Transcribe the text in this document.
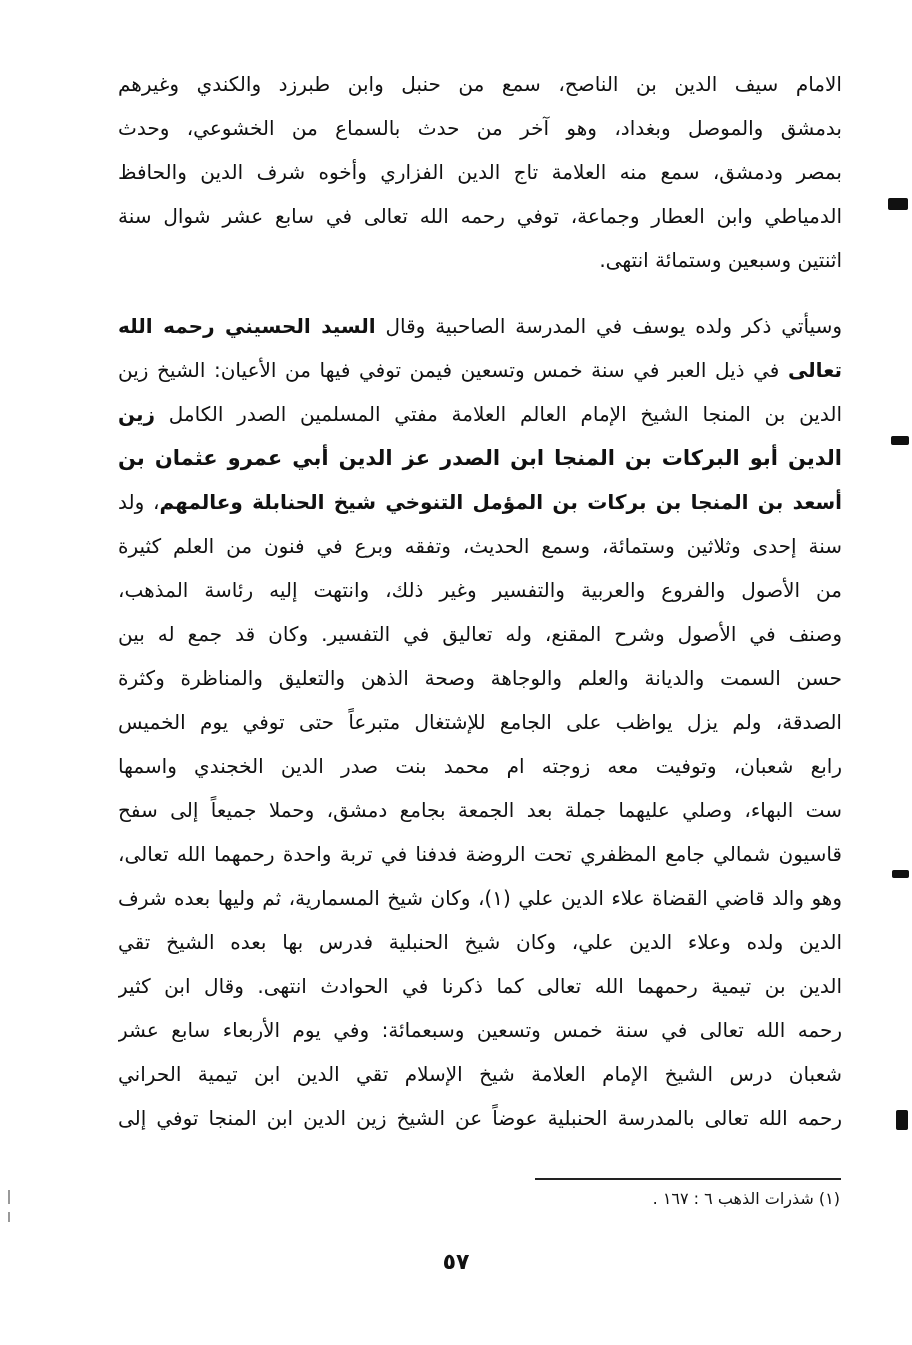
الامام سيف الدين بن الناصح، سمع من حنبل وابن طبرزد والكندي وغيرهم
بدمشق والموصل وبغداد، وهو آخر من حدث بالسماع من الخشوعي، وحدث
بمصر ودمشق، سمع منه العلامة تاج الدين الفزاري وأخوه شرف الدين والحافظ
الدمياطي وابن العطار وجماعة، توفي رحمه الله تعالى في سابع عشر شوال سنة
اثنتين وسبعين وستمائة انتهى.
وسيأتي ذكر ولده يوسف في المدرسة الصاحبية وقال السيد الحسيني رحمه الله
تعالى في ذيل العبر في سنة خمس وتسعين فيمن توفي فيها من الأعيان: الشيخ زين
الدين بن المنجا الشيخ الإمام العالم العلامة مفتي المسلمين الصدر الكامل زين
الدين أبو البركات بن المنجا ابن الصدر عز الدين أبي عمرو عثمان بن
أسعد بن المنجا بن بركات بن المؤمل التنوخي شيخ الحنابلة وعالمهم، ولد
سنة إحدى وثلاثين وستمائة، وسمع الحديث، وتفقه وبرع في فنون من العلم كثيرة
من الأصول والفروع والعربية والتفسير وغير ذلك، وانتهت إليه رئاسة المذهب،
وصنف في الأصول وشرح المقنع، وله تعاليق في التفسير. وكان قد جمع له بين
حسن السمت والديانة والعلم والوجاهة وصحة الذهن والتعليق والمناظرة وكثرة
الصدقة، ولم يزل يواظب على الجامع للإشتغال متبرعاً حتى توفي يوم الخميس
رابع شعبان، وتوفيت معه زوجته ام محمد بنت صدر الدين الخجندي واسمها
ست البهاء، وصلي عليهما جملة بعد الجمعة بجامع دمشق، وحملا جميعاً إلى سفح
قاسيون شمالي جامع المظفري تحت الروضة فدفنا في تربة واحدة رحمهما الله تعالى،
وهو والد قاضي القضاة علاء الدين علي (١)، وكان شيخ المسمارية، ثم وليها بعده شرف
الدين ولده وعلاء الدين علي، وكان شيخ الحنبلية فدرس بها بعده الشيخ تقي
الدين بن تيمية رحمهما الله تعالى كما ذكرنا في الحوادث انتهى. وقال ابن كثير
رحمه الله تعالى في سنة خمس وتسعين وسبعمائة: وفي يوم الأربعاء سابع عشر
شعبان درس الشيخ الإمام العلامة شيخ الإسلام تقي الدين ابن تيمية الحراني
رحمه الله تعالى بالمدرسة الحنبلية عوضاً عن الشيخ زين الدين ابن المنجا توفي إلى
(١) شذرات الذهب ٦ : ١٦٧ .
٥٧
